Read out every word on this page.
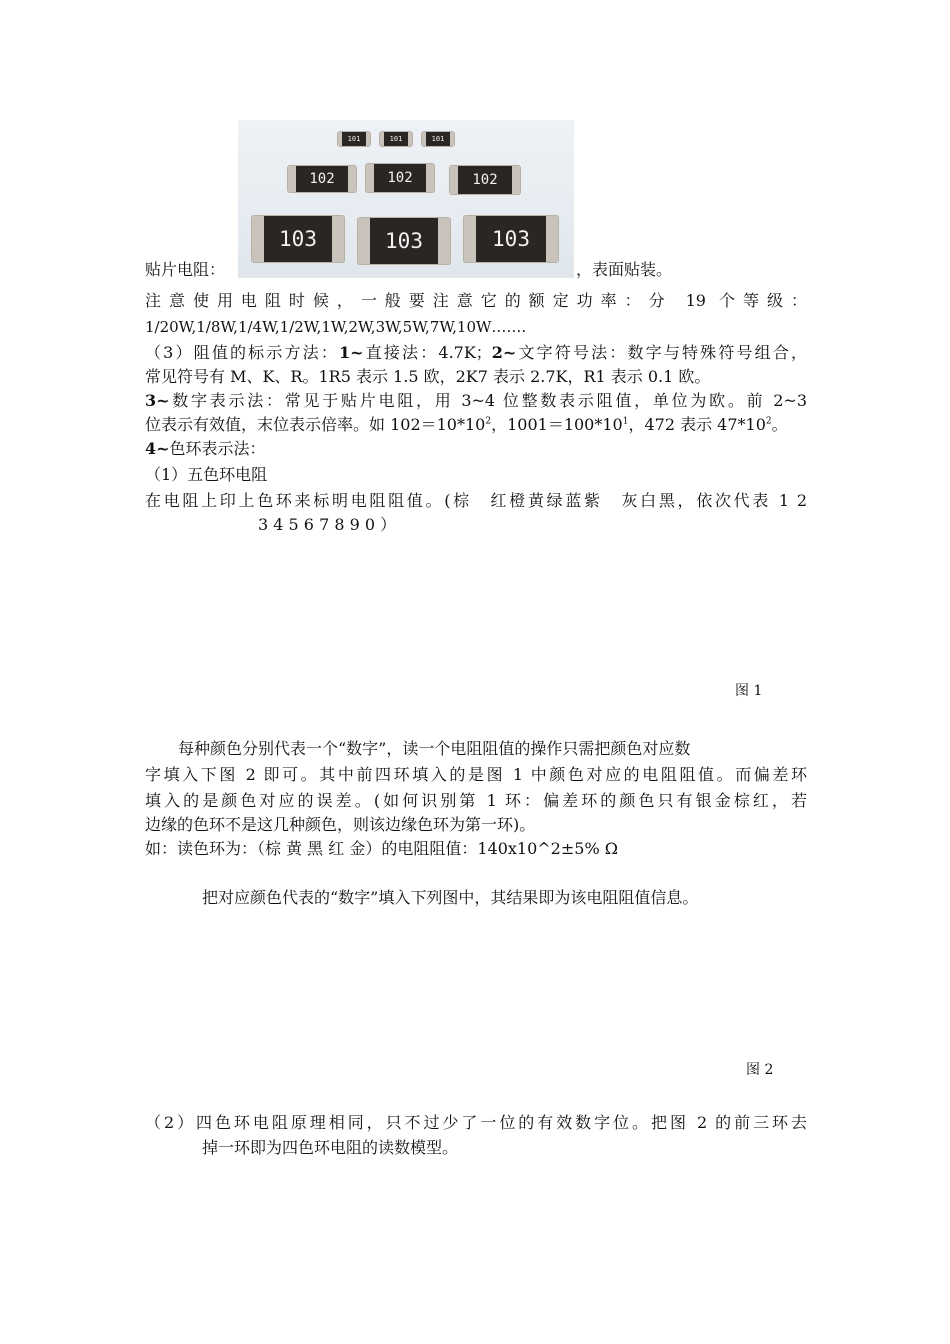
101	101	101
102	102	102
103	103	103
贴片电阻：	，表面贴装。
注意使用电阻时候，一般要注意它的额定功率：分 19 个等级：
1/20W,1/8W,1/4W,1/2W,1W,2W,3W,5W,7W,10W…….
（3）阻值的标示方法：1~直接法：4.7K；2~文字符号法：数字与特殊符号组合，
常见符号有 M、K、R。1R5 表示 1.5 欧，2K7 表示 2.7K，R1 表示 0.1 欧。
3~数字表示法：常见于贴片电阻，用 3~4 位整数表示阻值，单位为欧。前 2~3
位表示有效值，末位表示倍率。如 $102=10*10^2$，$1001=100*10^1$，472 表示 $47*10^2$。
4~色环表示法：
（1）五色环电阻
在电阻上印上色环来标明电阻阻值。(棕　红橙黄绿蓝紫　灰白黑，依次代表 1 2
3 4 5 6 7 8 9 0 ）
图 1
每种颜色分别代表一个“数字”，读一个电阻阻值的操作只需把颜色对应数
字填入下图 2 即可。其中前四环填入的是图 1 中颜色对应的电阻阻值。而偏差环
填入的是颜色对应的误差。(如何识别第 1 环：偏差环的颜色只有银金棕红，若
边缘的色环不是这几种颜色，则该边缘色环为第一环)。
如：读色环为：（棕 黄 黑 红 金）的电阻阻值：140x10^2±5% Ω
把对应颜色代表的“数字”填入下列图中，其结果即为该电阻阻值信息。
图 2
（2）四色环电阻原理相同，只不过少了一位的有效数字位。把图 2 的前三环去
掉一环即为四色环电阻的读数模型。
